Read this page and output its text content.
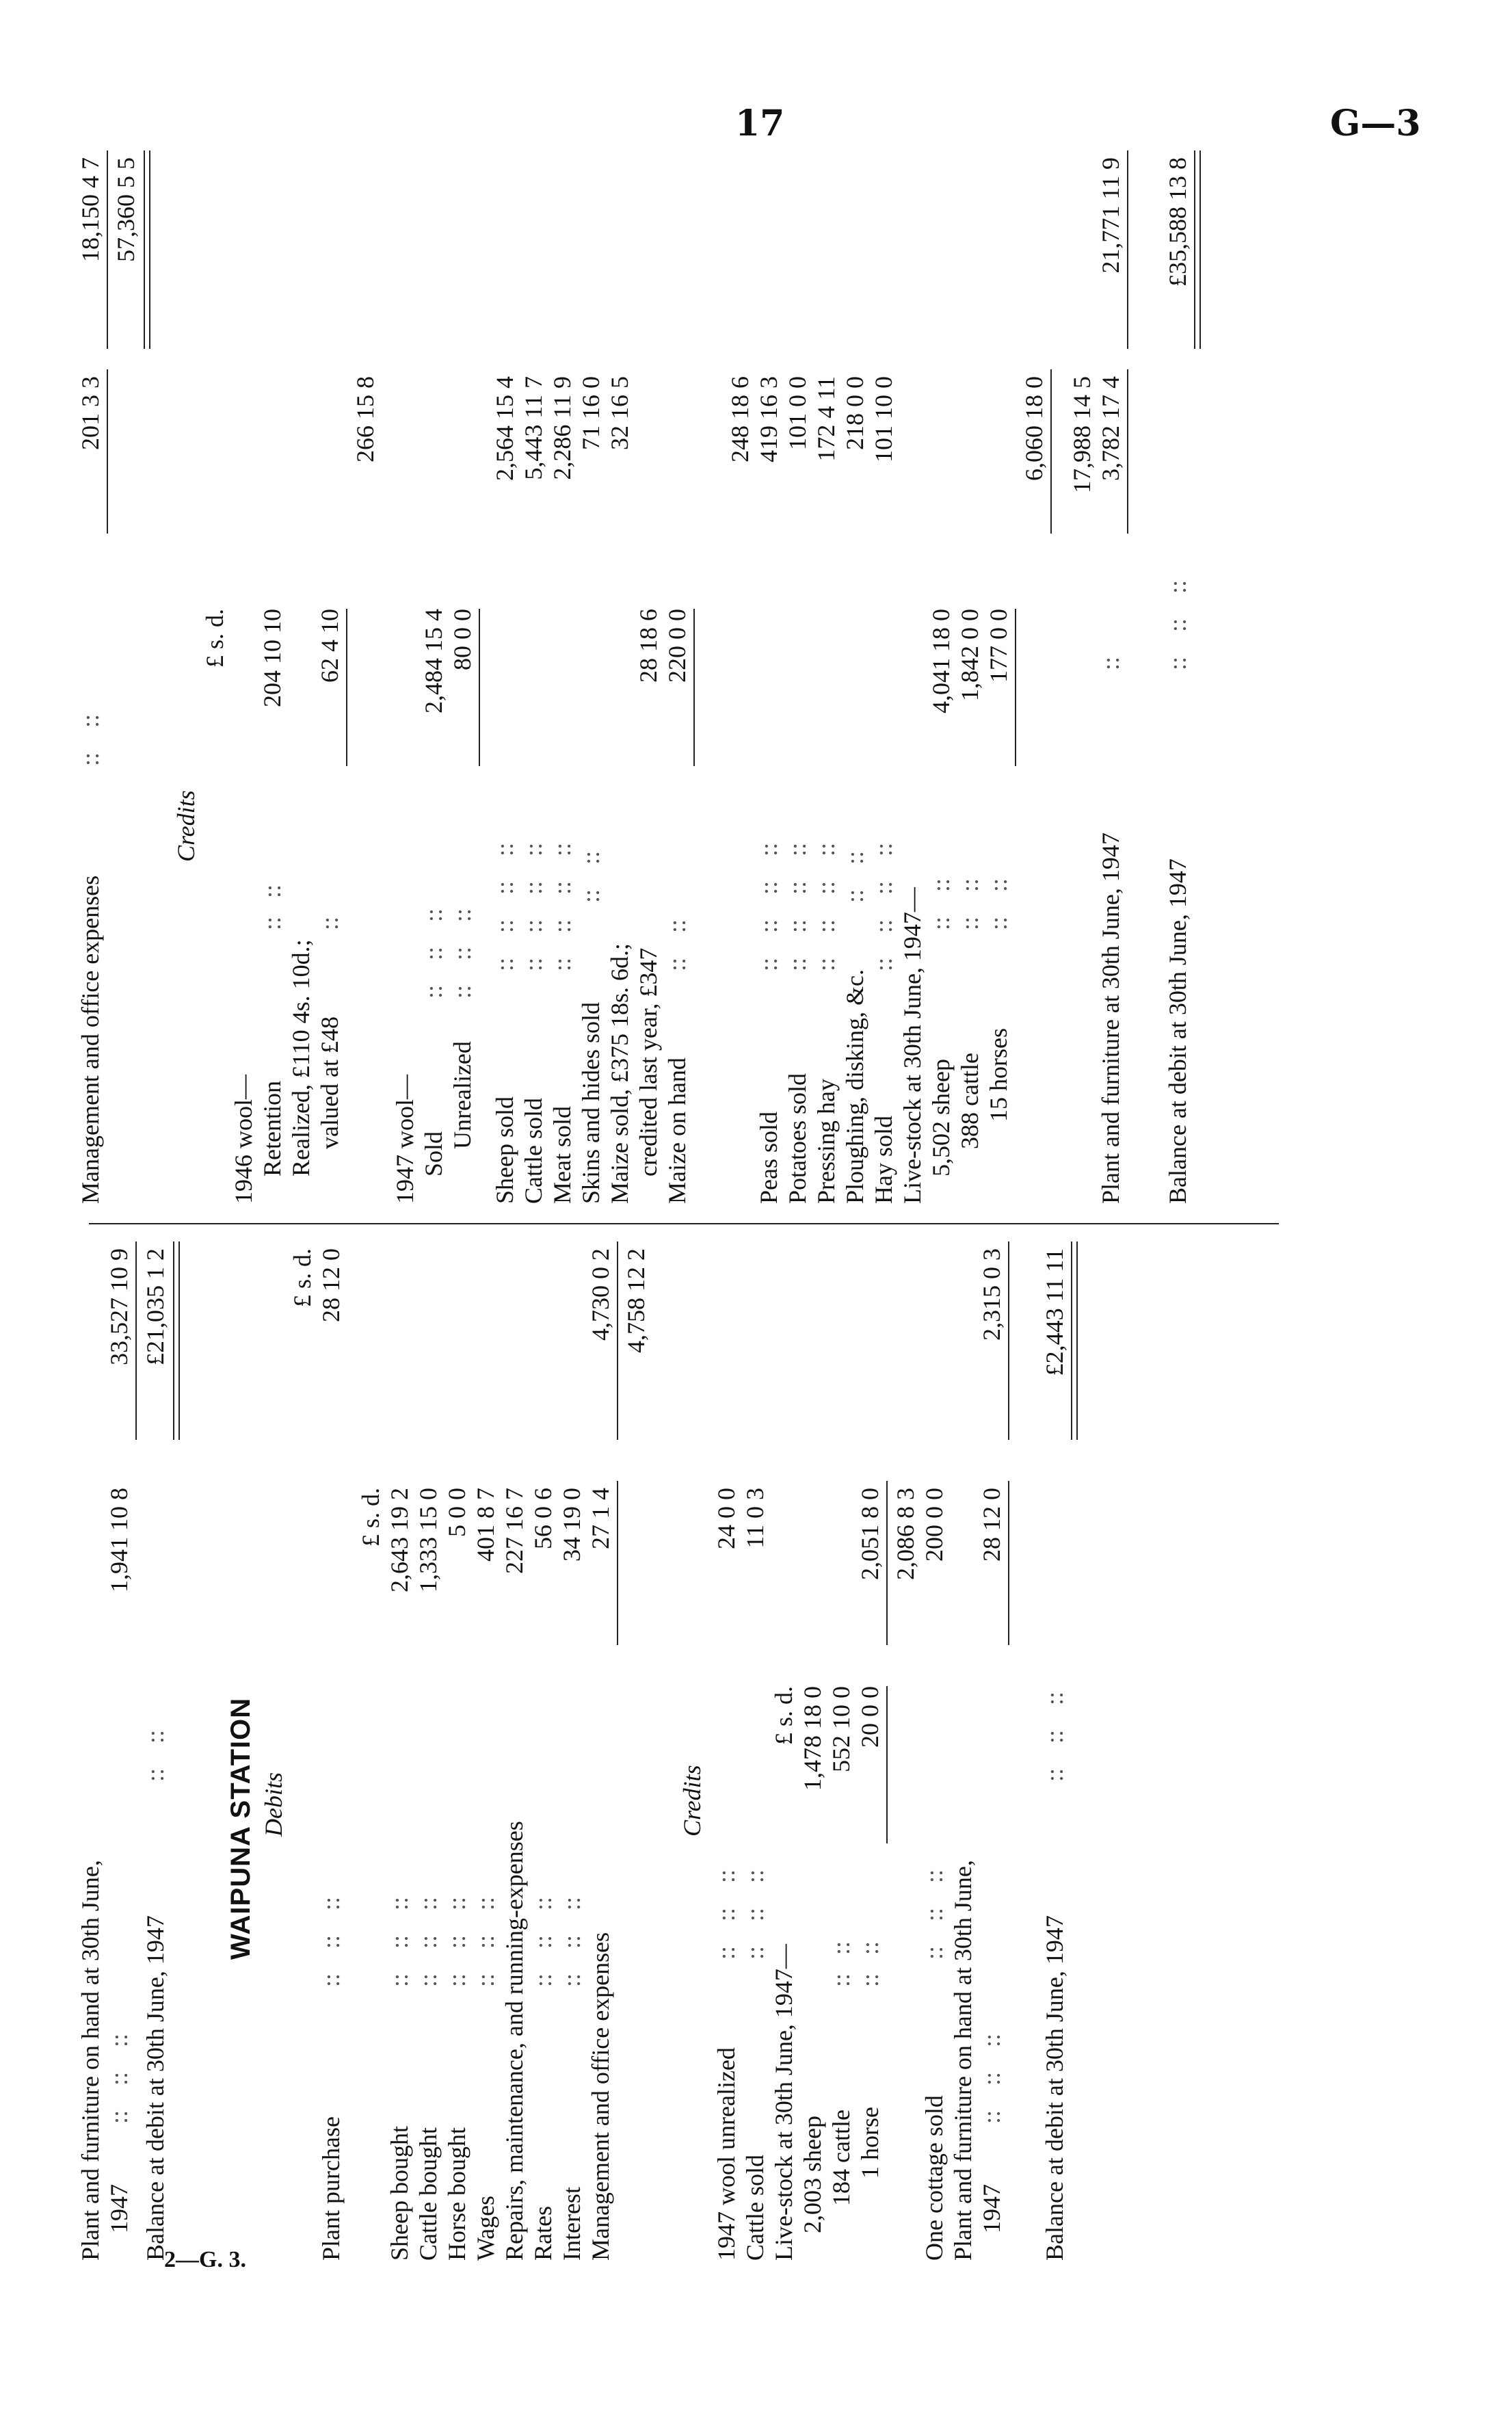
17	G—3
2—G. 3.
Plant and furniture on hand at 30th June, 1947
::    ::    ::
1,941 10 8
33,527 10 9 £21,035 1 2
Balance at debit at 30th June, 1947
::    :: WAIPUNA STATION Debits
£ s. d.
Plant purchase
::    ::    ::
28 12 0
£ s. d.
Sheep bought
::    ::    ::
2,643 19 2
Cattle bought
::    ::    ::
1,333 15 0
Horse bought
::    ::    ::
5 0 0
Wages
::    ::    ::
401 8 7
Repairs, maintenance, and running-expenses
227 16 7
Rates
::    ::    ::
56 0 6
Interest
::    ::    ::
34 19 0
Management and office expenses
27 1 4
4,730 0 2 4,758 12 2
Credits
1947 wool unrealized
::    ::    ::
24 0 0
Cattle sold
::    ::    ::
11 0 3
Live-stock at 30th June, 1947—
£ s. d.
2,003 sheep
1,478 18 0
184 cattle
::   ::
552 10 0
1 horse
::   ::
20 0 0
2,051 8 0 2,086 8 3
One cottage sold
::    ::    ::
200 0 0
Plant and furniture on hand at 30th June, 1947
::    ::    ::
28 12 0
2,315 0 3
Balance at debit at 30th June, 1947
::    ::    ::
£2,443 11 11
Management and office expenses
::    ::
201 3 3
18,150 4 7 57,360 5 5
Credits
£ s. d.
1946 wool— Retention
::   ::
204 10 10
Realized, £110 4s. 10d.; valued at £48
::
62 4 10
266 15 8
1947 wool— Sold
::    ::    ::
2,484 15 4
Unrealized
::    ::    ::
80 0 0
Sheep sold
::    ::    ::    ::
2,564 15 4
Cattle sold
::    ::    ::    ::
5,443 11 7
Meat sold
::    ::    ::    ::
2,286 11 9
Skins and hides sold
::    ::
71 16 0
Maize sold, £375 18s. 6d.;
32 16 5
credited last year, £347
28 18 6
Maize on hand
::    ::
220 0 0
248 18 6
Peas sold
::    ::    ::    ::
419 16 3
Potatoes sold
::    ::    ::    ::
101 0 0
Pressing hay
::    ::    ::    ::
172 4 11
Ploughing, disking, &c.
::    ::
218 0 0
Hay sold
::    ::    ::    ::
101 10 0
Live-stock at 30th June, 1947— 5,502 sheep
::    ::
4,041 18 0
388 cattle
::    ::
1,842 0 0
15 horses
::    ::
177 0 0
6,060 18 0 17,988 14 5
Plant and furniture at 30th June, 1947
::
3,782 17 4
21,771 11 9
Balance at debit at 30th June, 1947
::    ::    ::
£35,588 13 8
